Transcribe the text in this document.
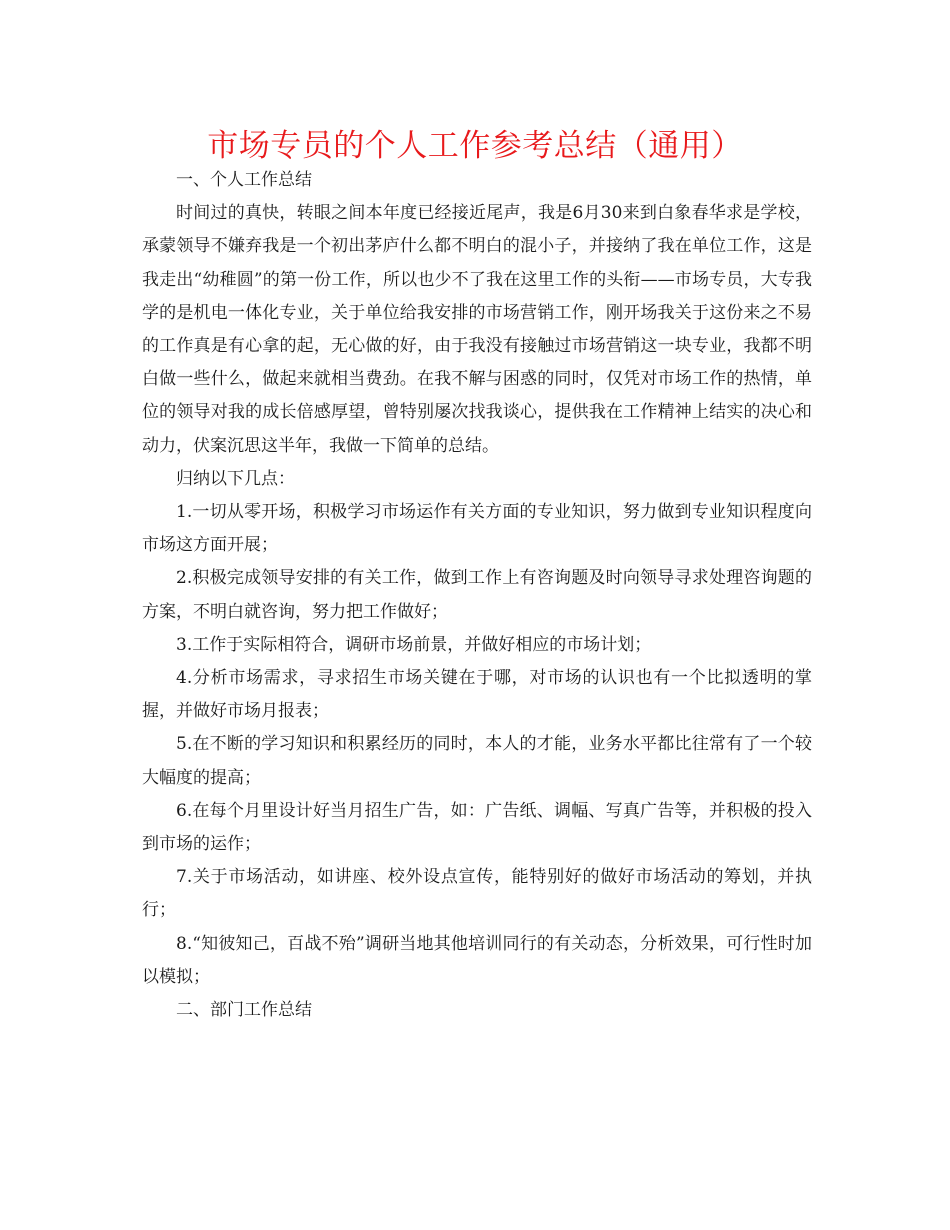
市场专员的个人工作参考总结（通用）

一、个人工作总结

时间过的真快，转眼之间本年度已经接近尾声，我是6月30来到白象春华求是学校，承蒙领导不嫌弃我是一个初出茅庐什么都不明白的混小子，并接纳了我在单位工作，这是我走出“幼稚圆”的第一份工作，所以也少不了我在这里工作的头衔——市场专员，大专我学的是机电一体化专业，关于单位给我安排的市场营销工作，刚开场我关于这份来之不易的工作真是有心拿的起，无心做的好，由于我没有接触过市场营销这一块专业，我都不明白做一些什么，做起来就相当费劲。在我不解与困惑的同时，仅凭对市场工作的热情，单位的领导对我的成长倍感厚望，曾特别屡次找我谈心，提供我在工作精神上结实的决心和动力，伏案沉思这半年，我做一下简单的总结。

归纳以下几点：

1.一切从零开场，积极学习市场运作有关方面的专业知识，努力做到专业知识程度向市场这方面开展；

2.积极完成领导安排的有关工作，做到工作上有咨询题及时向领导寻求处理咨询题的方案，不明白就咨询，努力把工作做好；

3.工作于实际相符合，调研市场前景，并做好相应的市场计划；

4.分析市场需求，寻求招生市场关键在于哪，对市场的认识也有一个比拟透明的掌握，并做好市场月报表；

5.在不断的学习知识和积累经历的同时，本人的才能，业务水平都比往常有了一个较大幅度的提高；

6.在每个月里设计好当月招生广告，如：广告纸、调幅、写真广告等，并积极的投入到市场的运作；

7.关于市场活动，如讲座、校外设点宣传，能特别好的做好市场活动的筹划，并执行；

8.“知彼知己，百战不殆”调研当地其他培训同行的有关动态，分析效果，可行性时加以模拟；

二、部门工作总结
